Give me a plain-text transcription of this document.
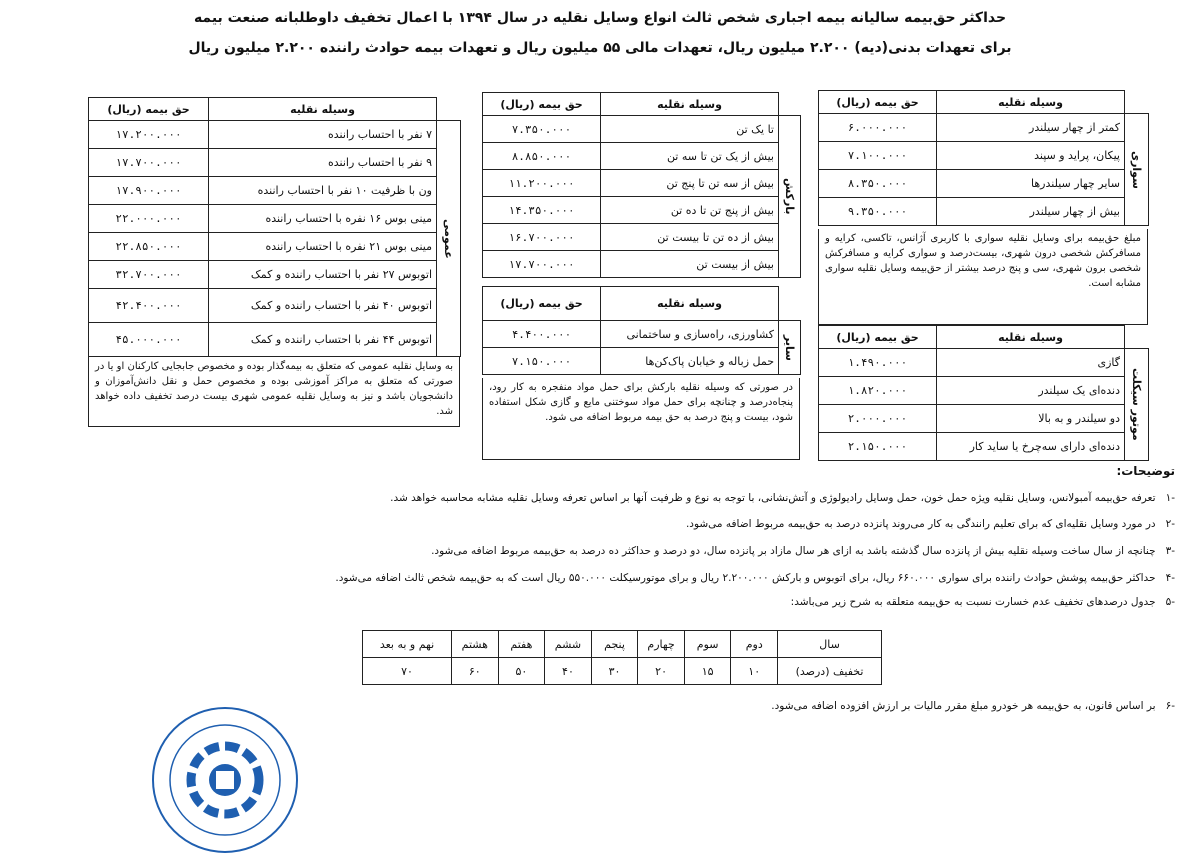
حداکثر حق‌بیمه سالیانه بیمه اجباری شخص ثالث انواع وسایل نقلیه در سال ۱۳۹۴ با اعمال تخفیف داوطلبانه صنعت بیمه
برای تعهدات بدنی(دیه) ۲.۲۰۰ میلیون ریال، تعهدات مالی ۵۵ میلیون ریال و تعهدات بیمه حوادث راننده ۲.۲۰۰ میلیون ریال
	وسیله نقلیه	حق بیمه (ریال)
سواری	کمتر از چهار سیلندر	۶.۰۰۰.۰۰۰
	پیکان، پراید و سپند	۷.۱۰۰.۰۰۰
	سایر چهار سیلندرها	۸.۳۵۰.۰۰۰
	بیش از چهار سیلندر	۹.۳۵۰.۰۰۰
مبلغ حق‌بیمه برای وسایل نقلیه سواری با کاربری آژانس، تاکسی، کرایه و مسافرکش شخصی درون شهری، بیست‌درصد و سواری کرایه و مسافرکش شخصی برون شهری، سی و پنج درصد بیشتر از حق‌بیمه وسایل نقلیه سواری مشابه است.
	وسیله نقلیه	حق بیمه (ریال)
موتور سیکلت	گازی	۱.۴۹۰.۰۰۰
	دنده‌ای یک سیلندر	۱.۸۲۰.۰۰۰
	دو سیلندر و به بالا	۲.۰۰۰.۰۰۰
	دنده‌ای دارای سه‌چرخ یا ساید کار	۲.۱۵۰.۰۰۰
	وسیله نقلیه	حق بیمه (ریال)
بارکش	تا یک تن	۷.۳۵۰.۰۰۰
	بیش از یک تن تا سه تن	۸.۸۵۰.۰۰۰
	بیش از سه تن تا پنج تن	۱۱.۲۰۰.۰۰۰
	بیش از پنج تن تا ده تن	۱۴.۳۵۰.۰۰۰
	بیش از ده تن تا بیست تن	۱۶.۷۰۰.۰۰۰
	بیش از بیست تن	۱۷.۷۰۰.۰۰۰
	وسیله نقلیه	حق بیمه (ریال)
سایر	کشاورزی، راه‌سازی و ساختمانی	۴.۴۰۰.۰۰۰
	حمل زباله و خیابان پاک‌کن‌ها	۷.۱۵۰.۰۰۰
در صورتی که وسیله نقلیه بارکش برای حمل مواد منفجره به کار رود، پنجاه‌درصد و چنانچه برای حمل مواد سوختنی مایع و گازی شکل استفاده شود، بیست و پنج درصد به حق بیمه مربوط اضافه می شود.
	وسیله نقلیه	حق بیمه (ریال)
عمومی	۷ نفر با احتساب راننده	۱۷.۲۰۰.۰۰۰
	۹ نفر با احتساب راننده	۱۷.۷۰۰.۰۰۰
	ون با ظرفیت ۱۰ نفر با احتساب راننده	۱۷.۹۰۰.۰۰۰
	مینی بوس ۱۶ نفره با احتساب راننده	۲۲.۰۰۰.۰۰۰
	مینی بوس ۲۱ نفره با احتساب راننده	۲۲.۸۵۰.۰۰۰
	اتوبوس ۲۷ نفر با احتساب راننده و کمک	۳۲.۷۰۰.۰۰۰
	اتوبوس ۴۰ نفر با احتساب راننده و کمک	۴۲.۴۰۰.۰۰۰
	اتوبوس ۴۴ نفر با احتساب راننده و کمک	۴۵.۰۰۰.۰۰۰
به وسایل نقلیه عمومی که متعلق به بیمه‌گذار بوده و مخصوص جابجایی کارکنان او یا در صورتی که متعلق به مراکز آموزشی بوده و مخصوص حمل و نقل دانش‌آموزان و دانشجویان باشد و نیز به وسایل نقلیه عمومی شهری بیست درصد تخفیف داده خواهد شد.
توضیحات:
-۱تعرفه حق‌بیمه آمبولانس، وسایل نقلیه ویژه حمل خون، حمل وسایل رادیولوژی و آتش‌نشانی، با توجه به نوع و ظرفیت آنها بر اساس تعرفه وسایل نقلیه مشابه محاسبه خواهد شد.
-۲در مورد وسایل نقلیه‌ای که برای تعلیم رانندگی به کار می‌روند پانزده درصد به حق‌بیمه مربوط اضافه می‌شود.
-۳چنانچه از سال ساخت وسیله نقلیه بیش از پانزده سال گذشته باشد به ازای هر سال مازاد بر پانزده سال، دو درصد و حداکثر ده درصد به حق‌بیمه مربوط اضافه می‌شود.
-۴حداکثر حق‌بیمه پوشش حوادث راننده برای سواری ۶۶۰.۰۰۰ ریال، برای اتوبوس و بارکش ۲.۲۰۰.۰۰۰ ریال و برای موتورسیکلت ۵۵۰.۰۰۰ ریال است که به حق‌بیمه شخص ثالث اضافه می‌شود.
-۵جدول درصدهای تخفیف عدم خسارت نسبت به حق‌بیمه متعلقه به شرح زیر می‌باشد:
سال	دوم	سوم	چهارم	پنجم	ششم	هفتم	هشتم	نهم و به بعد
تخفیف (درصد)	۱۰	۱۵	۲۰	۳۰	۴۰	۵۰	۶۰	۷۰
-۶بر اساس قانون، به حق‌بیمه هر خودرو مبلغ مقرر مالیات بر ارزش افزوده اضافه می‌شود.
